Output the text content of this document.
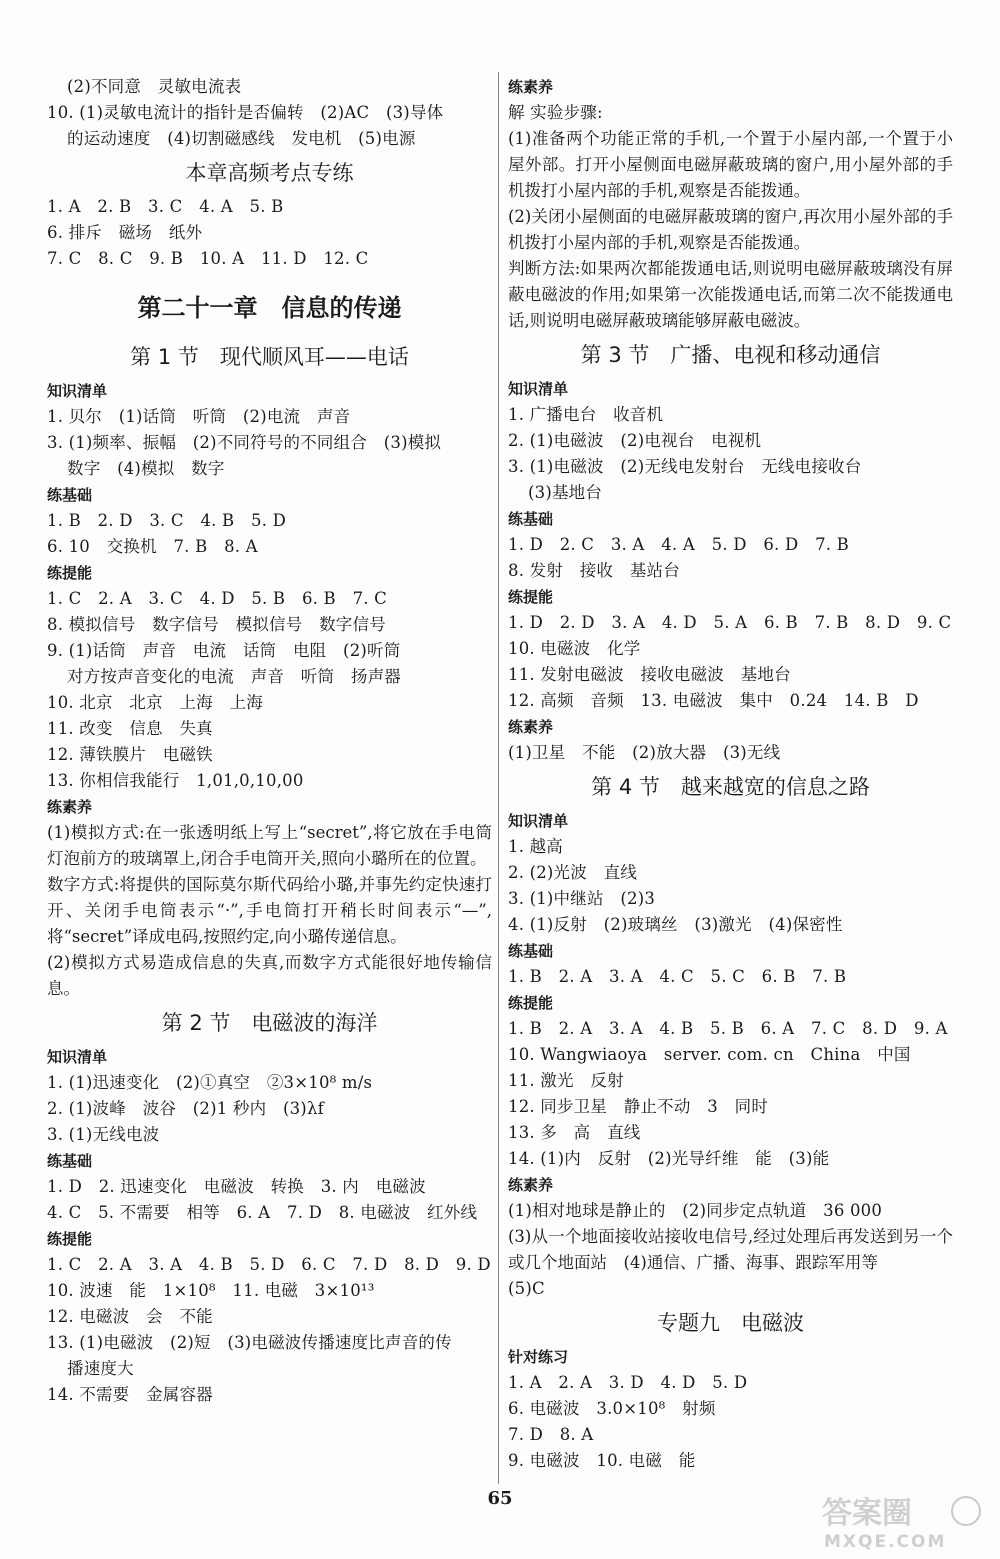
(2)不同意　灵敏电流表
10. (1)灵敏电流计的指针是否偏转　(2)AC　(3)导体
的运动速度　(4)切割磁感线　发电机　(5)电源
本章高频考点专练
1. A　2. B　3. C　4. A　5. B
6. 排斥　磁场　纸外
7. C　8. C　9. B　10. A　11. D　12. C
第二十一章　信息的传递
第 1 节　现代顺风耳——电话
知识清单
1. 贝尔　(1)话筒　听筒　(2)电流　声音
3. (1)频率、振幅　(2)不同符号的不同组合　(3)模拟
数字　(4)模拟　数字
练基础
1. B　2. D　3. C　4. B　5. D
6. 10　交换机　7. B　8. A
练提能
1. C　2. A　3. C　4. D　5. B　6. B　7. C
8. 模拟信号　数字信号　模拟信号　数字信号
9. (1)话筒　声音　电流　话筒　电阻　(2)听筒
对方按声音变化的电流　声音　听筒　扬声器
10. 北京　北京　上海　上海
11. 改变　信息　失真
12. 薄铁膜片　电磁铁
13. 你相信我能行　1,01,0,10,00
练素养
(1)模拟方式:在一张透明纸上写上“secret”,将它放在手电筒灯泡前方的玻璃罩上,闭合手电筒开关,照向小璐所在的位置。
数字方式:将提供的国际莫尔斯代码给小璐,并事先约定快速打开、关闭手电筒表示“·”,手电筒打开稍长时间表示“—”,将“secret”译成电码,按照约定,向小璐传递信息。
(2)模拟方式易造成信息的失真,而数字方式能很好地传输信息。
第 2 节　电磁波的海洋
知识清单
1. (1)迅速变化　(2)①真空　②3×10⁸ m/s
2. (1)波峰　波谷　(2)1 秒内　(3)λf
3. (1)无线电波
练基础
1. D　2. 迅速变化　电磁波　转换　3. 内　电磁波
4. C　5. 不需要　相等　6. A　7. D　8. 电磁波　红外线
练提能
1. C　2. A　3. A　4. B　5. D　6. C　7. D　8. D　9. D
10. 波速　能　1×10⁸　11. 电磁　3×10¹³
12. 电磁波　会　不能
13. (1)电磁波　(2)短　(3)电磁波传播速度比声音的传
播速度大
14. 不需要　金属容器
练素养
解 实验步骤:
(1)准备两个功能正常的手机,一个置于小屋内部,一个置于小屋外部。打开小屋侧面电磁屏蔽玻璃的窗户,用小屋外部的手机拨打小屋内部的手机,观察是否能拨通。
(2)关闭小屋侧面的电磁屏蔽玻璃的窗户,再次用小屋外部的手机拨打小屋内部的手机,观察是否能拨通。
判断方法:如果两次都能拨通电话,则说明电磁屏蔽玻璃没有屏蔽电磁波的作用;如果第一次能拨通电话,而第二次不能拨通电话,则说明电磁屏蔽玻璃能够屏蔽电磁波。
第 3 节　广播、电视和移动通信
知识清单
1. 广播电台　收音机
2. (1)电磁波　(2)电视台　电视机
3. (1)电磁波　(2)无线电发射台　无线电接收台
(3)基地台
练基础
1. D　2. C　3. A　4. A　5. D　6. D　7. B
8. 发射　接收　基站台
练提能
1. D　2. D　3. A　4. D　5. A　6. B　7. B　8. D　9. C
10. 电磁波　化学
11. 发射电磁波　接收电磁波　基地台
12. 高频　音频　13. 电磁波　集中　0.24　14. B　D
练素养
(1)卫星　不能　(2)放大器　(3)无线
第 4 节　越来越宽的信息之路
知识清单
1. 越高
2. (2)光波　直线
3. (1)中继站　(2)3
4. (1)反射　(2)玻璃丝　(3)激光　(4)保密性
练基础
1. B　2. A　3. A　4. C　5. C　6. B　7. B
练提能
1. B　2. A　3. A　4. B　5. B　6. A　7. C　8. D　9. A
10. Wangwiaoya　server. com. cn　China　中国
11. 激光　反射
12. 同步卫星　静止不动　3　同时
13. 多　高　直线
14. (1)内　反射　(2)光导纤维　能　(3)能
练素养
(1)相对地球是静止的　(2)同步定点轨道　36 000
(3)从一个地面接收站接收电信号,经过处理后再发送到另一个或几个地面站　(4)通信、广播、海事、跟踪军用等
(5)C
专题九　电磁波
针对练习
1. A　2. A　3. D　4. D　5. D
6. 电磁波　3.0×10⁸　射频
7. D　8. A
9. 电磁波　10. 电磁　能
65	答案圈
MXQE.COM
